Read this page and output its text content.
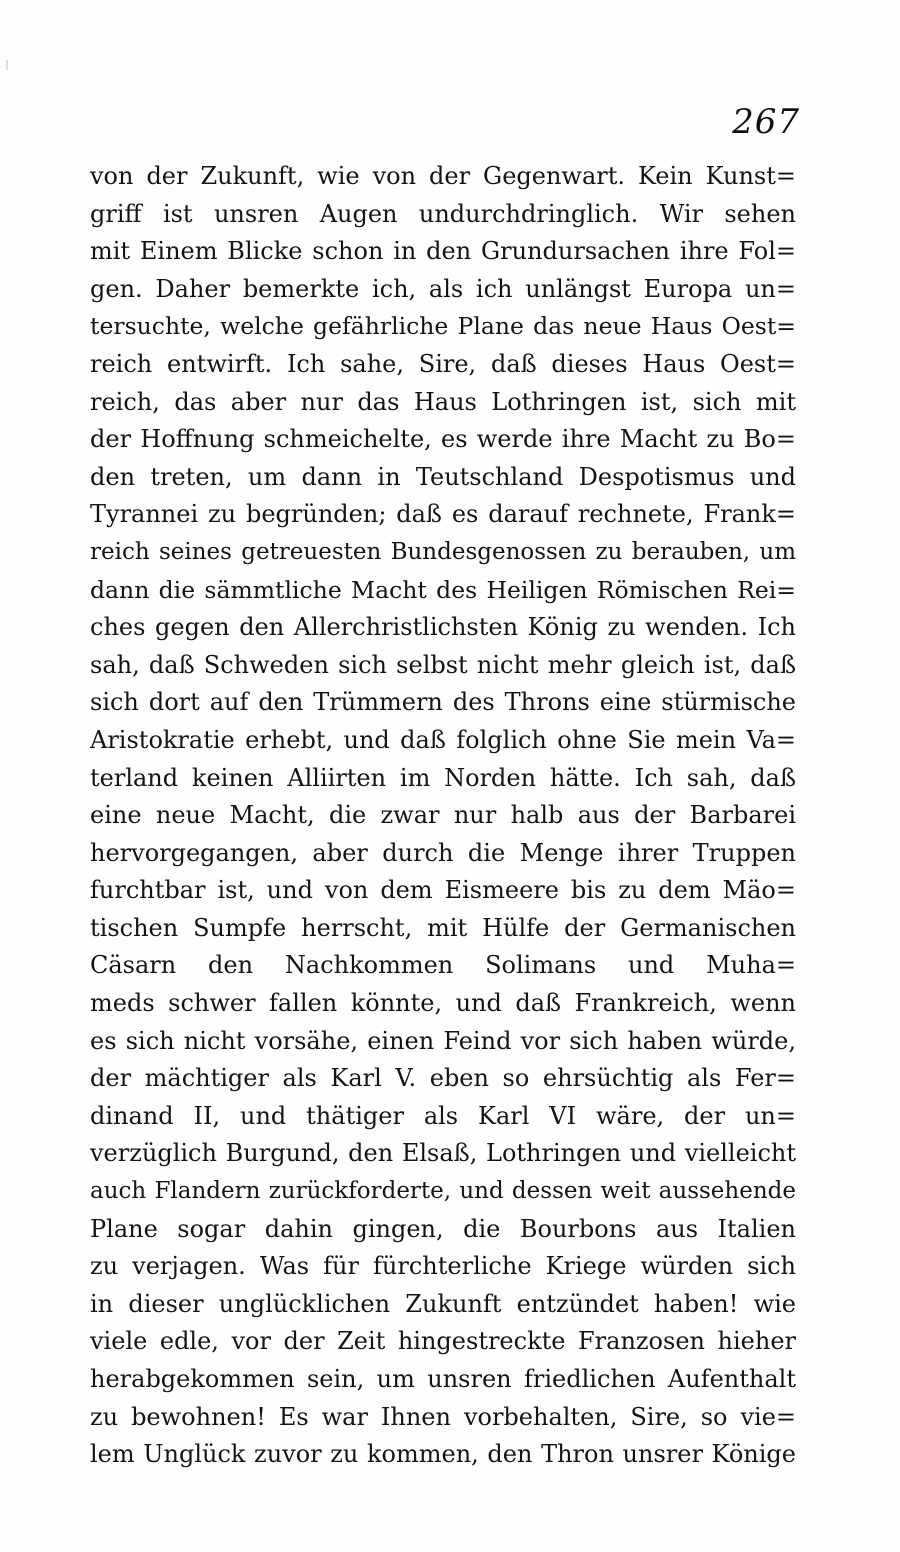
267
von der Zukunft, wie von der Gegenwart. Kein Kunst=
griff ist unsren Augen undurchdringlich. Wir sehen
mit Einem Blicke schon in den Grundursachen ihre Fol=
gen. Daher bemerkte ich, als ich unlängst Europa un=
tersuchte, welche gefährliche Plane das neue Haus Oest=
reich entwirft. Ich sahe, Sire, daß dieses Haus Oest=
reich, das aber nur das Haus Lothringen ist, sich mit
der Hoffnung schmeichelte, es werde ihre Macht zu Bo=
den treten, um dann in Teutschland Despotismus und
Tyrannei zu begründen; daß es darauf rechnete, Frank=
reich seines getreuesten Bundesgenossen zu berauben, um
dann die sämmtliche Macht des Heiligen Römischen Rei=
ches gegen den Allerchristlichsten König zu wenden. Ich
sah, daß Schweden sich selbst nicht mehr gleich ist, daß
sich dort auf den Trümmern des Throns eine stürmische
Aristokratie erhebt, und daß folglich ohne Sie mein Va=
terland keinen Alliirten im Norden hätte. Ich sah, daß
eine neue Macht, die zwar nur halb aus der Barbarei
hervorgegangen, aber durch die Menge ihrer Truppen
furchtbar ist, und von dem Eismeere bis zu dem Mäo=
tischen Sumpfe herrscht, mit Hülfe der Germanischen
Cäsarn den Nachkommen Solimans und Muha=
meds schwer fallen könnte, und daß Frankreich, wenn
es sich nicht vorsähe, einen Feind vor sich haben würde,
der mächtiger als Karl V. eben so ehrsüchtig als Fer=
dinand II, und thätiger als Karl VI wäre, der un=
verzüglich Burgund, den Elsaß, Lothringen und vielleicht
auch Flandern zurückforderte, und dessen weit aussehende
Plane sogar dahin gingen, die Bourbons aus Italien
zu verjagen. Was für fürchterliche Kriege würden sich
in dieser unglücklichen Zukunft entzündet haben! wie
viele edle, vor der Zeit hingestreckte Franzosen hieher
herabgekommen sein, um unsren friedlichen Aufenthalt
zu bewohnen! Es war Ihnen vorbehalten, Sire, so vie=
lem Unglück zuvor zu kommen, den Thron unsrer Könige
